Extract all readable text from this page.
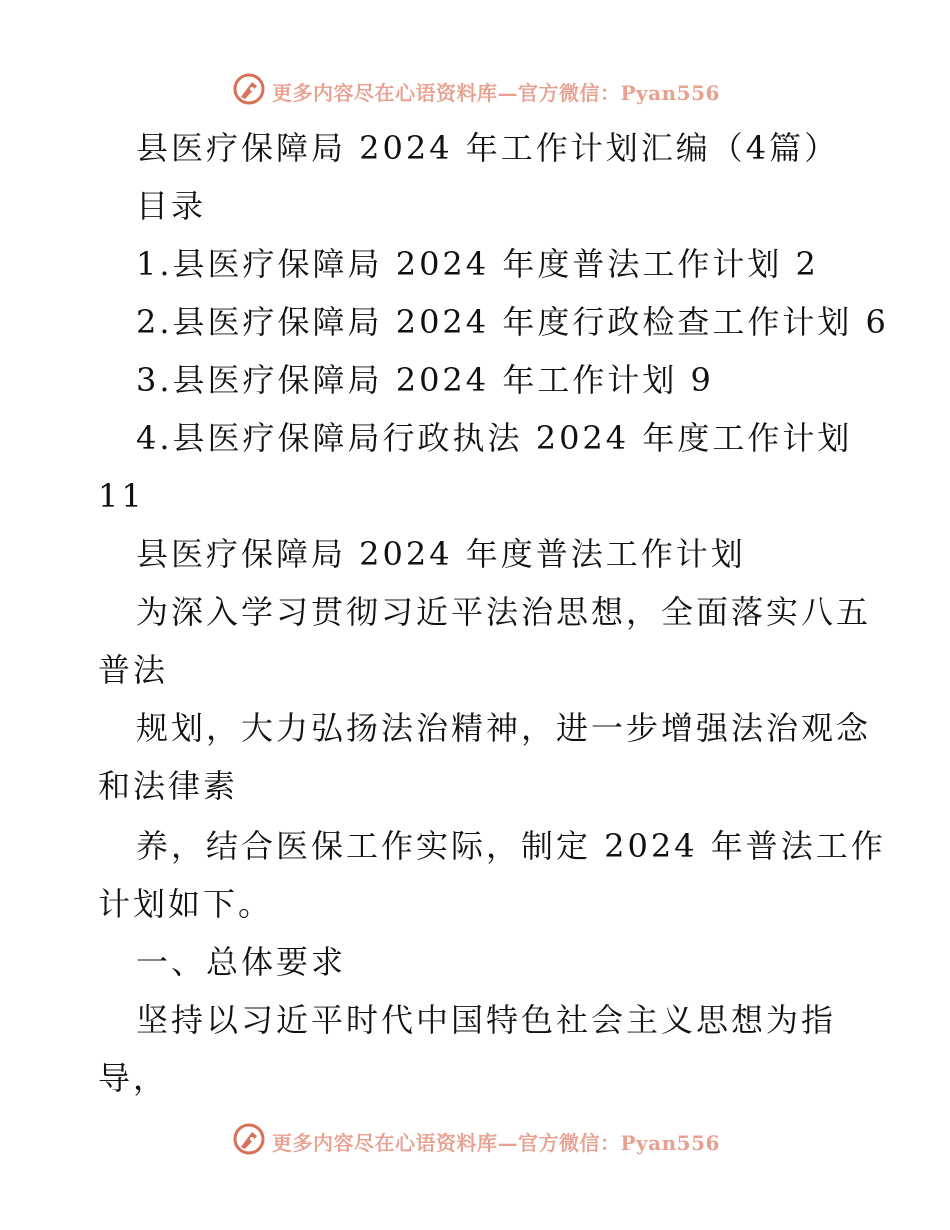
更多内容尽在心语资料库—官方微信：Pyan556
县医疗保障局 2024 年工作计划汇编（4篇）
目录
1.县医疗保障局 2024 年度普法工作计划 2
2.县医疗保障局 2024 年度行政检查工作计划 6
3.县医疗保障局 2024 年工作计划 9
4.县医疗保障局行政执法 2024 年度工作计划
11
县医疗保障局 2024 年度普法工作计划
为深入学习贯彻习近平法治思想，全面落实八五
普法
规划，大力弘扬法治精神，进一步增强法治观念
和法律素
养，结合医保工作实际，制定 2024 年普法工作
计划如下。
一、总体要求
坚持以习近平时代中国特色社会主义思想为指
导，
更多内容尽在心语资料库—官方微信：Pyan556
